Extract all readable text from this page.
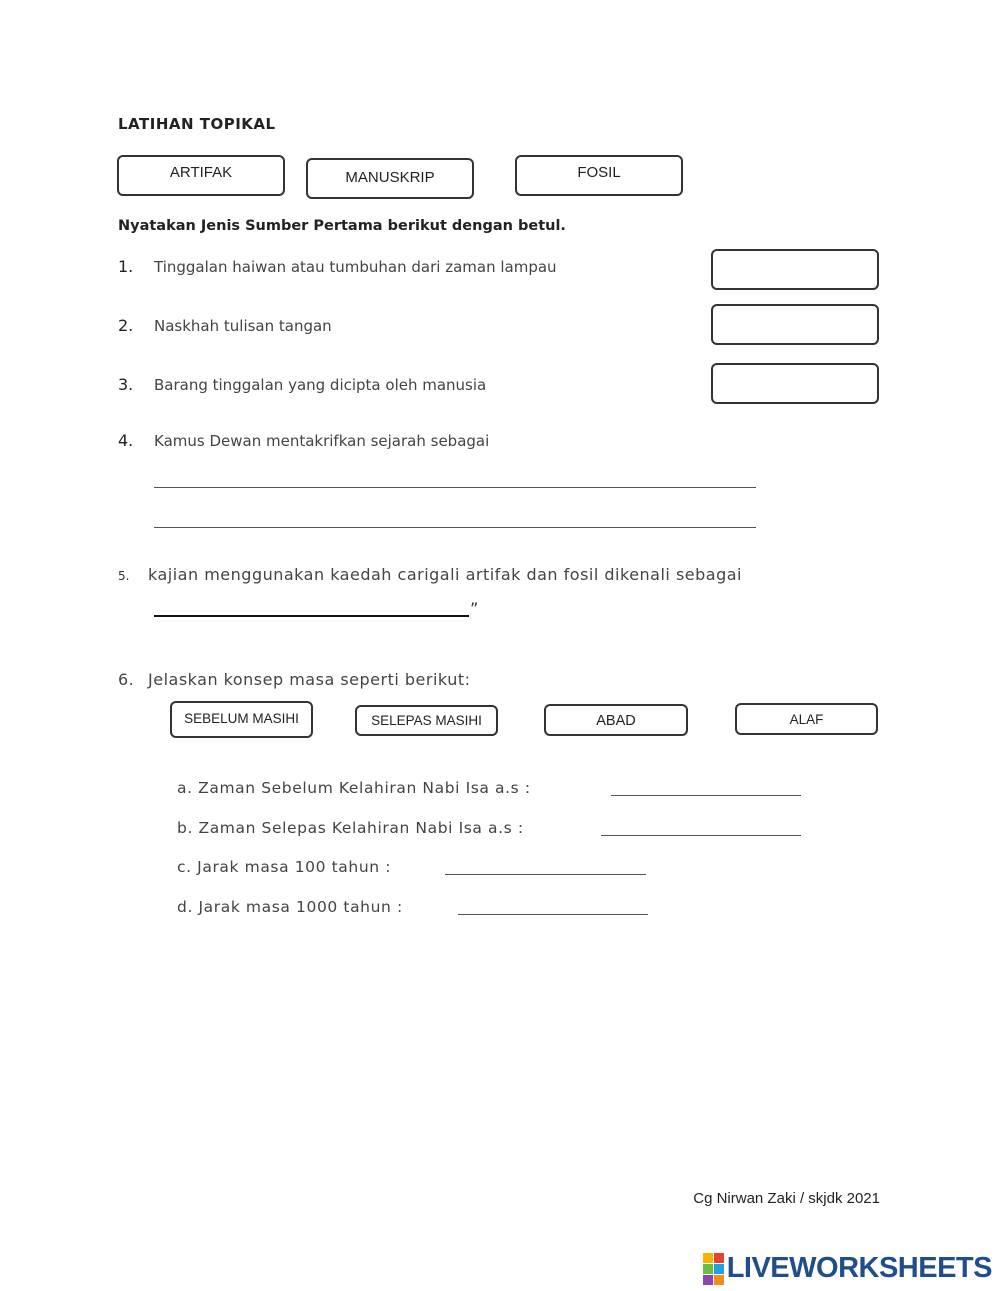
LATIHAN TOPIKAL
ARTIFAK	MANUSKRIP	FOSIL
Nyatakan Jenis Sumber Pertama berikut dengan betul.
1. Tinggalan haiwan atau tumbuhan dari zaman lampau
2. Naskhah tulisan tangan
3. Barang tinggalan yang dicipta oleh manusia
4. Kamus Dewan mentakrifkan sejarah sebagai
5. kajian menggunakan kaedah carigali artifak dan fosil dikenali sebagai
”
6. Jelaskan konsep masa seperti berikut:
SEBELUM MASIHI	SELEPAS MASIHI	ABAD	ALAF
a. Zaman Sebelum Kelahiran Nabi Isa a.s :
b. Zaman Selepas Kelahiran Nabi Isa a.s :
c. Jarak masa 100 tahun :
d. Jarak masa 1000 tahun :
Cg Nirwan Zaki / skjdk 2021
LIVEWORKSHEETS
